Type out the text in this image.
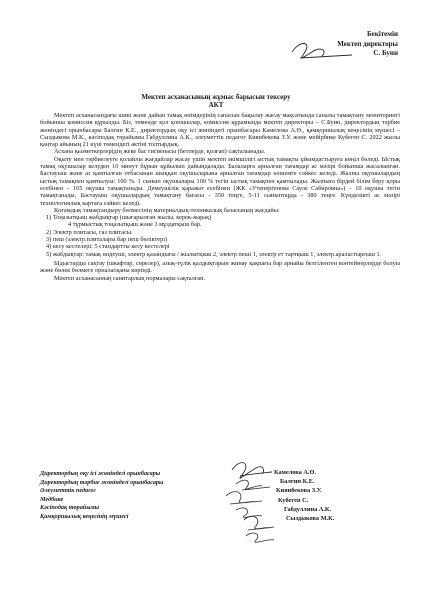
Бекітемін
Мектеп директоры
С. Буин
Мектеп асханасының жұмыс барысын тексеру
АКТ

Мектеп асханасындағы шикі және дайын тамақ өнімдерінің сапасын бақылау жасау мақсатында сапалы тамақтану мониторингі бойынша комиссия құрылды. Біз, төменде қол қоюшылар, комиссия құрамында мектеп директоры – С.Буин, директордың тәрбие жөніндегі орынбасары Балгин К.Е., директордың оқу ісі жөніндегі орынбасары Камелова А.Ө., қамқоршылық кеңесінің мүшесі – Сыздыкова М.К., кәсіподақ төрайымы Габдуллина А.К., әлеуметтік педагог Киянбекова З.У. және мейірбике Кубеген С. 2022 жылы қаңтар айының 21 күні төмендегі актіні толтырдық.

Асхана қызметкерлерідің жеке бас гигиенасы (бетперде, қолғап) сақталынады.

Оқыту мен тәрбиелеуге қолайлы жағдайлар жасау үшін мектеп әкімшілігі ыстық тамақты ұйымдастыруға көңіл бөледі. Ыстық тамақ оқушылар келуден 10 минут бұрын құйылып дайындалады. Балаларға арналған тағамдар ас мәзірі бойынша жасалынған. Бастауыш және аз қамтылған отбасынан шыққан оқушыларына арналған тағамдар өлшемге сәйкес келеді. Жалпы оқушылардың ыстық тамақпен қамтылуы: 100 %. 1 сынып оқушылары 100 % тегін ыстық тамақпен қамтылады. Жалпыға бірдей білім беру қоры есебінен – 105 оқушы тамақтанады. Демеушілік қаражат есебінен (ЖК «Утепергенова Сауле Сабировна») – 10 оқушы тегін тамақтанады. Бастауыш оқушылардың тамақтану бағасы - 350 теңге, 5-11 сыныптарда - 380 теңге. Күнделікті ас мәзірі технологиялық картаға сәйкес келеді.

Қоғамдық тамақтандыру бөлмесінің материалдық-техникалық базасының жағдайы:

1) Тоңазытқыш жабдықтар (шығарылған жылы, керек-жарақ)

4 тұрмыстық тоңазытқыш және 3 мұздатқыш бар.

2) Электр плитасы, газ плитасы.

3) пеш (электр.плиталары бар пеш бөліктері)

4) кесу кестелері: 5 стандартты кесу кестелері

5) жабдықтар: тамақ өндеуші, электр қазандығы / жылытқыш 2, электр пеші 1, электр ет тартқыш 1, электр.араластырғыш 1.

Ыдыстарды сақтау (шкафтар, сөрелер), азық-түлік қалдықтарын жинау қақпағы бар арнайы белгіленген контейнерлерде болуы және бөлек бөлмеге орналасқаны көрінді.

Мектеп асханасының санитарлық нормалары сақталған.

Директордың оқу ісі жөніндегі орынбасары
Директордың тәрбие жөніндегі орынбасары
Әлеуметтік педагог
Медбике
Кәсіподақ төрайымы
Қамқоршылық кеңесінің мүшесі
Камелова А.Ө.
Балгин К.Е.
Киянбекова З.У.
Кубеген С.
Габдуллина А.К.
Сыздыкова М.К.
